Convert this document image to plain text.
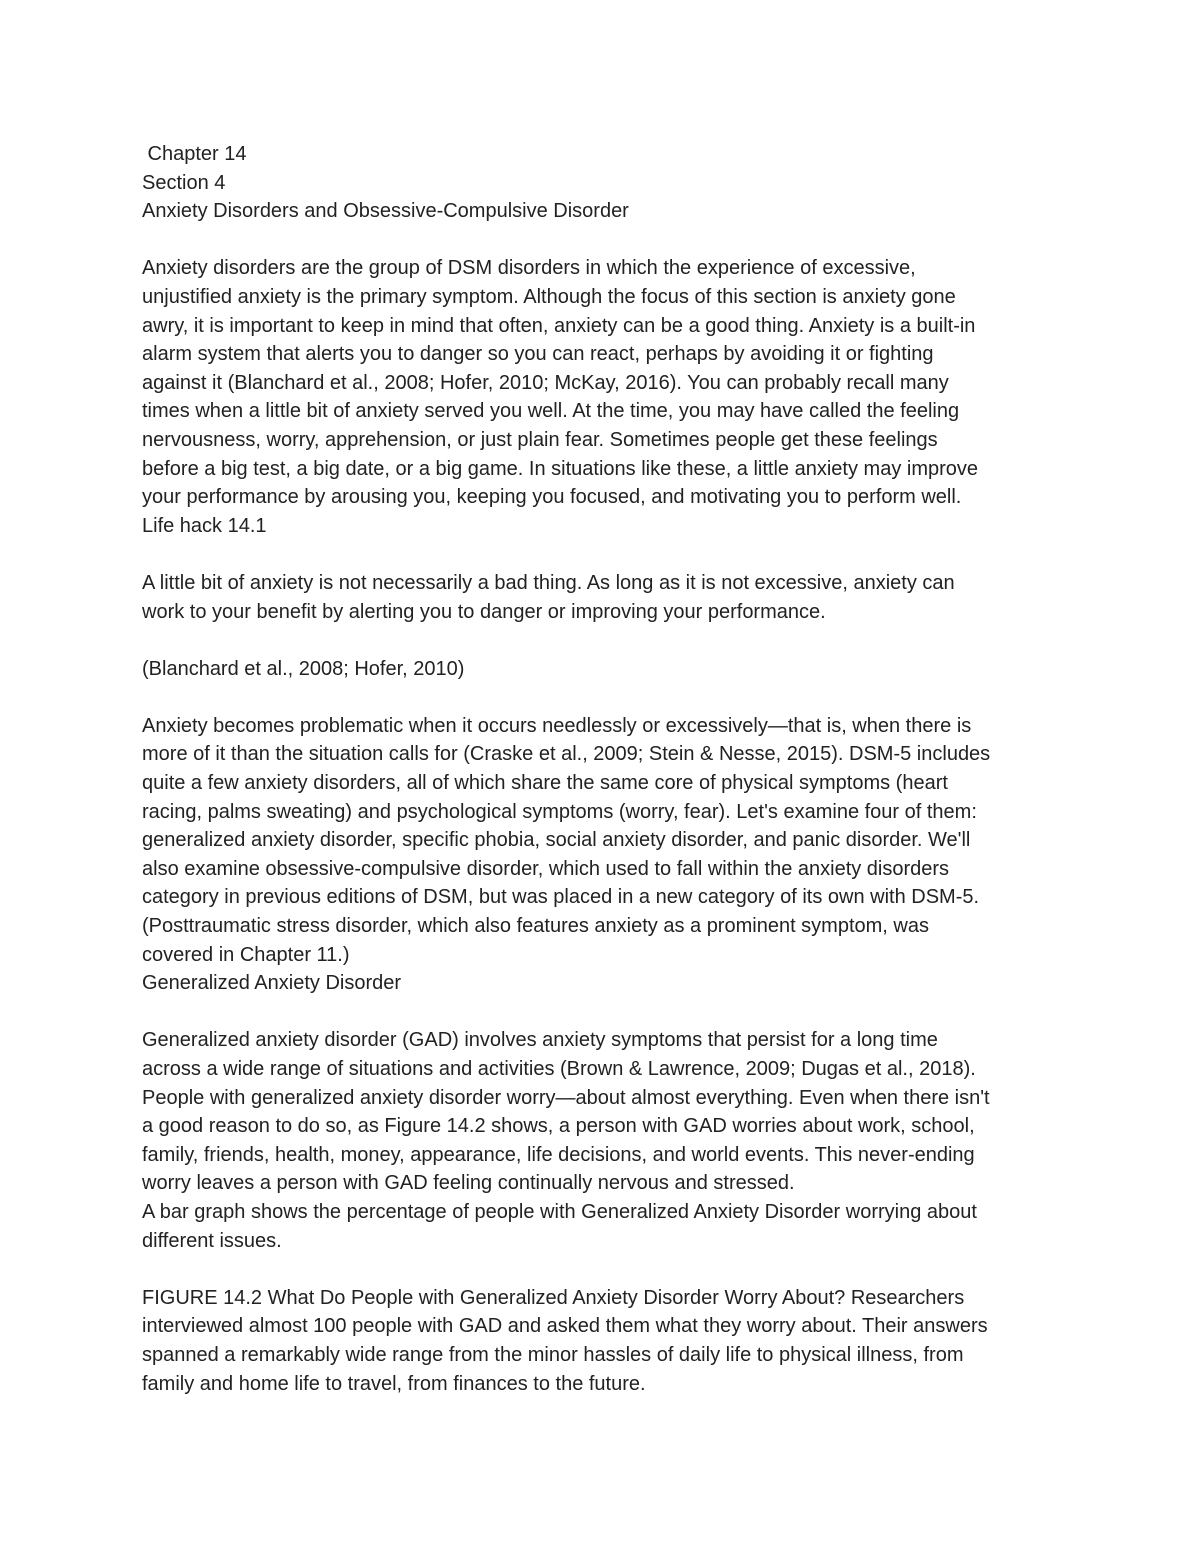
Chapter 14
Section 4
Anxiety Disorders and Obsessive-Compulsive Disorder
Anxiety disorders are the group of DSM disorders in which the experience of excessive,
unjustified anxiety is the primary symptom. Although the focus of this section is anxiety gone
awry, it is important to keep in mind that often, anxiety can be a good thing. Anxiety is a built-in
alarm system that alerts you to danger so you can react, perhaps by avoiding it or fighting
against it (Blanchard et al., 2008; Hofer, 2010; McKay, 2016). You can probably recall many
times when a little bit of anxiety served you well. At the time, you may have called the feeling
nervousness, worry, apprehension, or just plain fear. Sometimes people get these feelings
before a big test, a big date, or a big game. In situations like these, a little anxiety may improve
your performance by arousing you, keeping you focused, and motivating you to perform well.
Life hack 14.1
A little bit of anxiety is not necessarily a bad thing. As long as it is not excessive, anxiety can
work to your benefit by alerting you to danger or improving your performance.
(Blanchard et al., 2008; Hofer, 2010)
Anxiety becomes problematic when it occurs needlessly or excessively—that is, when there is
more of it than the situation calls for (Craske et al., 2009; Stein & Nesse, 2015). DSM-5 includes
quite a few anxiety disorders, all of which share the same core of physical symptoms (heart
racing, palms sweating) and psychological symptoms (worry, fear). Let's examine four of them:
generalized anxiety disorder, specific phobia, social anxiety disorder, and panic disorder. We'll
also examine obsessive-compulsive disorder, which used to fall within the anxiety disorders
category in previous editions of DSM, but was placed in a new category of its own with DSM-5.
(Posttraumatic stress disorder, which also features anxiety as a prominent symptom, was
covered in Chapter 11.)
Generalized Anxiety Disorder
Generalized anxiety disorder (GAD) involves anxiety symptoms that persist for a long time
across a wide range of situations and activities (Brown & Lawrence, 2009; Dugas et al., 2018).
People with generalized anxiety disorder worry—about almost everything. Even when there isn't
a good reason to do so, as Figure 14.2 shows, a person with GAD worries about work, school,
family, friends, health, money, appearance, life decisions, and world events. This never-ending
worry leaves a person with GAD feeling continually nervous and stressed.
A bar graph shows the percentage of people with Generalized Anxiety Disorder worrying about
different issues.
FIGURE 14.2 What Do People with Generalized Anxiety Disorder Worry About? Researchers
interviewed almost 100 people with GAD and asked them what they worry about. Their answers
spanned a remarkably wide range from the minor hassles of daily life to physical illness, from
family and home life to travel, from finances to the future.
